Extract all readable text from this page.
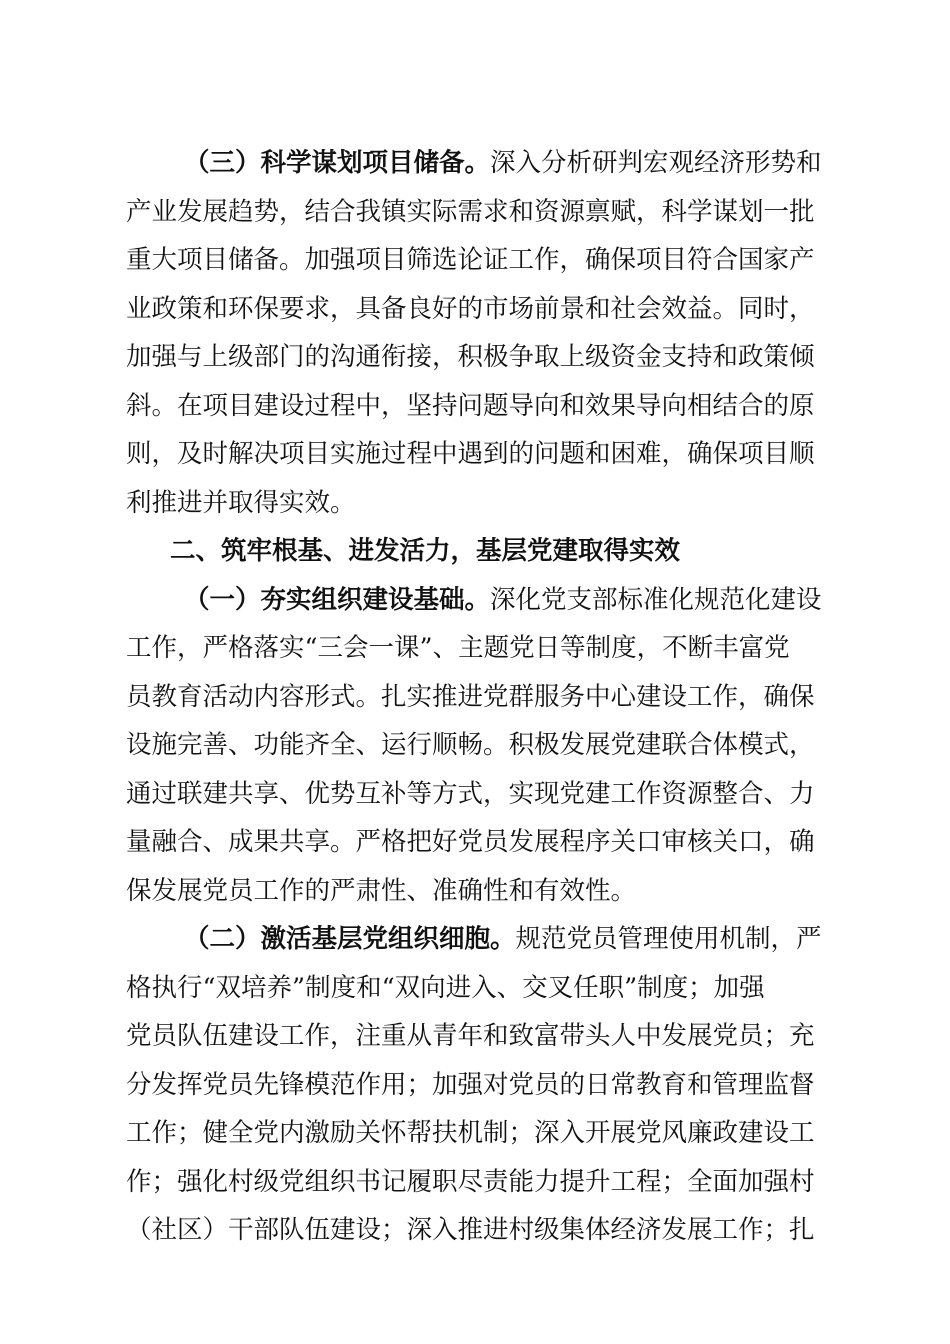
（三）科学谋划项目储备。深入分析研判宏观经济形势和
产业发展趋势，结合我镇实际需求和资源禀赋，科学谋划一批
重大项目储备。加强项目筛选论证工作，确保项目符合国家产
业政策和环保要求，具备良好的市场前景和社会效益。同时，
加强与上级部门的沟通衔接，积极争取上级资金支持和政策倾
斜。在项目建设过程中，坚持问题导向和效果导向相结合的原
则，及时解决项目实施过程中遇到的问题和困难，确保项目顺
利推进并取得实效。
二、筑牢根基、进发活力，基层党建取得实效
（一）夯实组织建设基础。深化党支部标准化规范化建设
工作，严格落实“三会一课”、主题党日等制度，不断丰富党
员教育活动内容形式。扎实推进党群服务中心建设工作，确保
设施完善、功能齐全、运行顺畅。积极发展党建联合体模式，
通过联建共享、优势互补等方式，实现党建工作资源整合、力
量融合、成果共享。严格把好党员发展程序关口审核关口，确
保发展党员工作的严肃性、准确性和有效性。
（二）激活基层党组织细胞。规范党员管理使用机制，严
格执行“双培养”制度和“双向进入、交叉任职”制度；加强
党员队伍建设工作，注重从青年和致富带头人中发展党员；充
分发挥党员先锋模范作用；加强对党员的日常教育和管理监督
工作；健全党内激励关怀帮扶机制；深入开展党风廉政建设工
作；强化村级党组织书记履职尽责能力提升工程；全面加强村
（社区）干部队伍建设；深入推进村级集体经济发展工作；扎
